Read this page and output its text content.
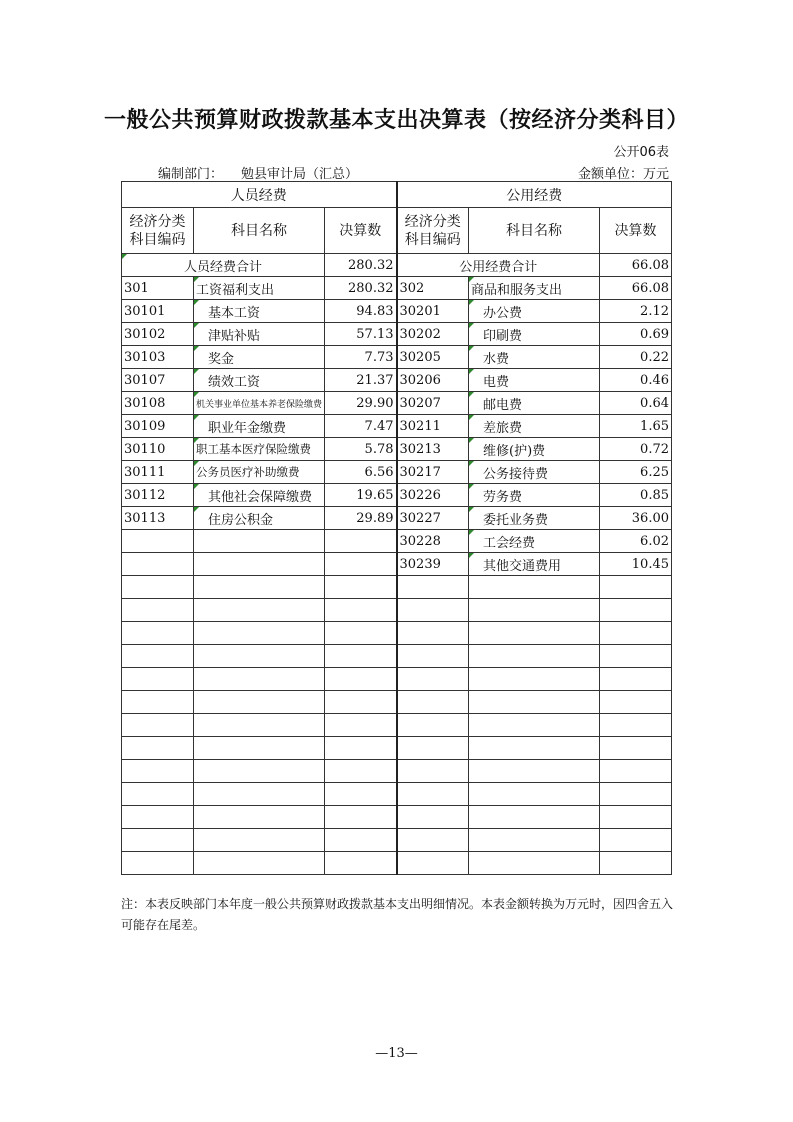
一般公共预算财政拨款基本支出决算表（按经济分类科目）
公开06表
编制部门： 勉县审计局（汇总）	金额单位：万元
人员经费			公用经费		
经济分类
科目编码	科目名称	决算数	经济分类
科目编码	科目名称	决算数
人员经费合计		280.32	公用经费合计		66.08
301	工资福利支出	280.32	302	商品和服务支出	66.08
30101	基本工资	94.83	30201	办公费	2.12
30102	津贴补贴	57.13	30202	印刷费	0.69
30103	奖金	7.73	30205	水费	0.22
30107	绩效工资	21.37	30206	电费	0.46
30108	机关事业单位基本养老保险缴费	29.90	30207	邮电费	0.64
30109	职业年金缴费	7.47	30211	差旅费	1.65
30110	职工基本医疗保险缴费	5.78	30213	维修(护)费	0.72
30111	公务员医疗补助缴费	6.56	30217	公务接待费	6.25
30112	其他社会保障缴费	19.65	30226	劳务费	0.85
30113	住房公积金	29.89	30227	委托业务费	36.00
			30228	工会经费	6.02
			30239	其他交通费用	10.45

注：本表反映部门本年度一般公共预算财政拨款基本支出明细情况。本表金额转换为万元时，因四舍五入可能存在尾差。
—13—
